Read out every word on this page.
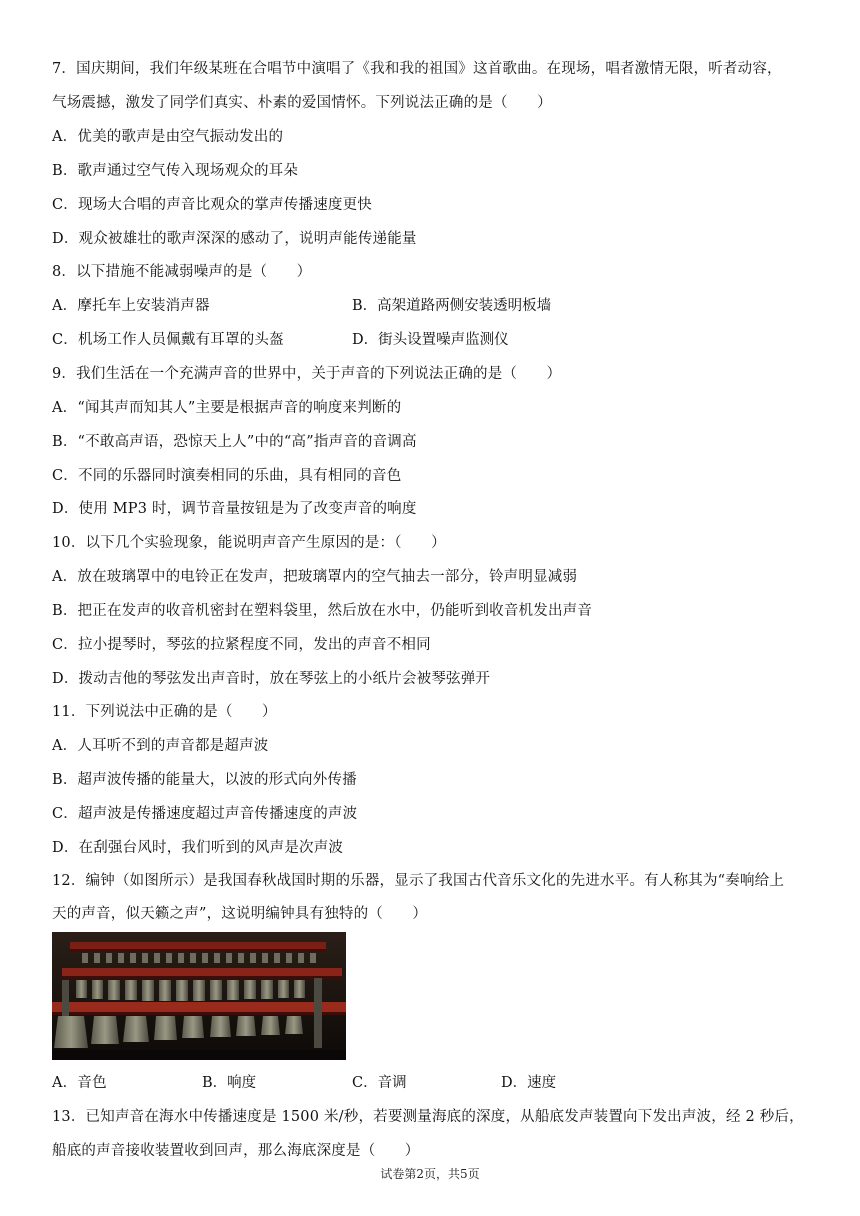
7．国庆期间，我们年级某班在合唱节中演唱了《我和我的祖国》这首歌曲。在现场，唱者激情无限，听者动容，
气场震撼，激发了同学们真实、朴素的爱国情怀。下列说法正确的是（　　）
A．优美的歌声是由空气振动发出的
B．歌声通过空气传入现场观众的耳朵
C．现场大合唱的声音比观众的掌声传播速度更快
D．观众被雄壮的歌声深深的感动了，说明声能传递能量
8．以下措施不能减弱噪声的是（　　）
A．摩托车上安装消声器	B．高架道路两侧安装透明板墙
C．机场工作人员佩戴有耳罩的头盔	D．街头设置噪声监测仪
9．我们生活在一个充满声音的世界中，关于声音的下列说法正确的是（　　）
A．“闻其声而知其人”主要是根据声音的响度来判断的
B．“不敢高声语，恐惊天上人”中的“高”指声音的音调高
C．不同的乐器同时演奏相同的乐曲，具有相同的音色
D．使用 MP3 时，调节音量按钮是为了改变声音的响度
10．以下几个实验现象，能说明声音产生原因的是：（　　）
A．放在玻璃罩中的电铃正在发声，把玻璃罩内的空气抽去一部分，铃声明显减弱
B．把正在发声的收音机密封在塑料袋里，然后放在水中，仍能听到收音机发出声音
C．拉小提琴时，琴弦的拉紧程度不同，发出的声音不相同
D．拨动吉他的琴弦发出声音时，放在琴弦上的小纸片会被琴弦弹开
11．下列说法中正确的是（　　）
A．人耳听不到的声音都是超声波
B．超声波传播的能量大，以波的形式向外传播
C．超声波是传播速度超过声音传播速度的声波
D．在刮强台风时，我们听到的风声是次声波
12．编钟（如图所示）是我国春秋战国时期的乐器，显示了我国古代音乐文化的先进水平。有人称其为“奏响给上
天的声音，似天籁之声”，这说明编钟具有独特的（　　）
A．音色	B．响度	C．音调	D．速度
13．已知声音在海水中传播速度是 1500 米/秒，若要测量海底的深度，从船底发声装置向下发出声波，经 2 秒后，
船底的声音接收装置收到回声，那么海底深度是（　　）
试卷第2页，共5页
